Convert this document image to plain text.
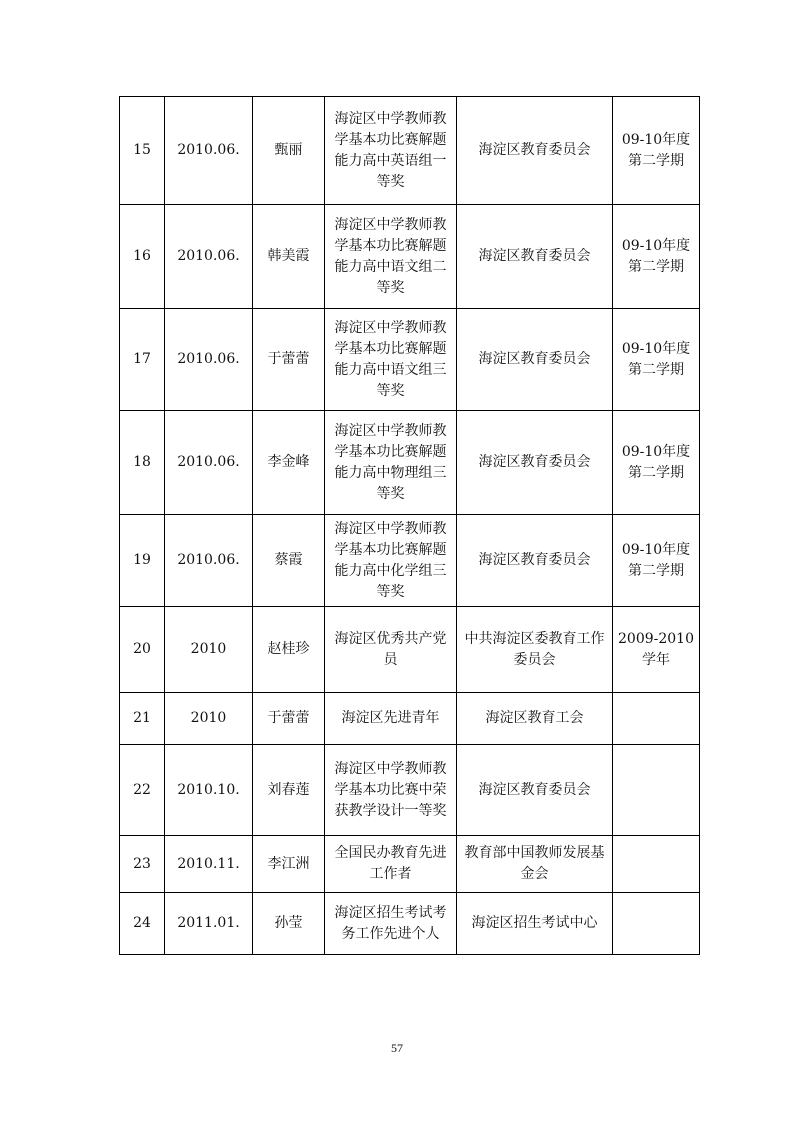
15	2010.06.	甄丽	海淀区中学教师教学基本功比赛解题能力高中英语组一等奖	海淀区教育委员会	09-10年度第二学期
16	2010.06.	韩美霞	海淀区中学教师教学基本功比赛解题能力高中语文组二等奖	海淀区教育委员会	09-10年度第二学期
17	2010.06.	于蕾蕾	海淀区中学教师教学基本功比赛解题能力高中语文组三等奖	海淀区教育委员会	09-10年度第二学期
18	2010.06.	李金峰	海淀区中学教师教学基本功比赛解题能力高中物理组三等奖	海淀区教育委员会	09-10年度第二学期
19	2010.06.	蔡霞	海淀区中学教师教学基本功比赛解题能力高中化学组三等奖	海淀区教育委员会	09-10年度第二学期
20	2010	赵桂珍	海淀区优秀共产党员	中共海淀区委教育工作委员会	2009-2010学年
21	2010	于蕾蕾	海淀区先进青年	海淀区教育工会	
22	2010.10.	刘春莲	海淀区中学教师教学基本功比赛中荣获教学设计一等奖	海淀区教育委员会	
23	2010.11.	李江洲	全国民办教育先进工作者	教育部中国教师发展基金会	
24	2011.01.	孙莹	海淀区招生考试考务工作先进个人	海淀区招生考试中心	
57
